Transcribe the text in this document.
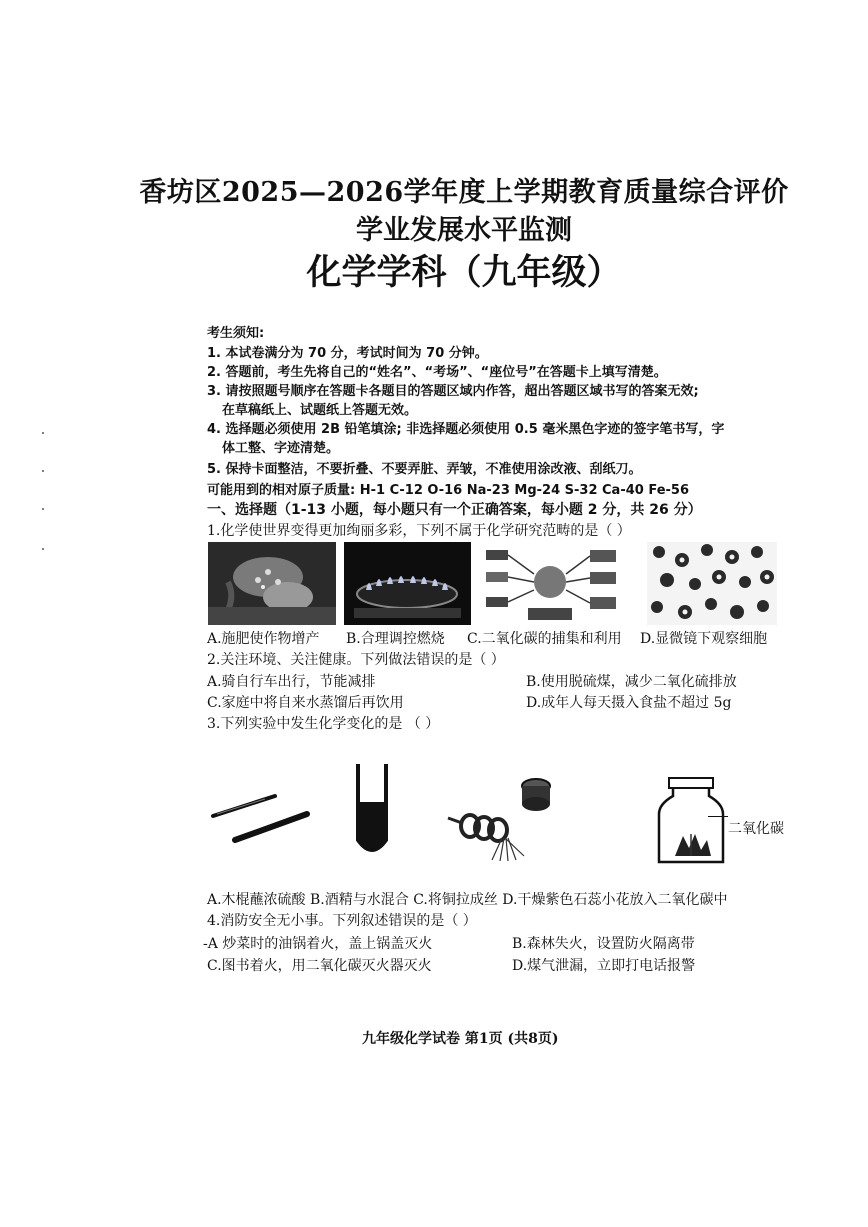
香坊区2025—2026学年度上学期教育质量综合评价
学业发展水平监测
化学学科（九年级）
考生须知:
1. 本试卷满分为 70 分，考试时间为 70 分钟。
2. 答题前，考生先将自己的“姓名”、“考场”、“座位号”在答题卡上填写清楚。
3. 请按照题号顺序在答题卡各题目的答题区域内作答，超出答题区域书写的答案无效;
在草稿纸上、试题纸上答题无效。
4. 选择题必须使用 2B 铅笔填涂; 非选择题必须使用 0.5 毫米黑色字迹的签字笔书写，字
体工整、字迹清楚。
5. 保持卡面整洁，不要折叠、不要弄脏、弄皱，不准使用涂改液、刮纸刀。
可能用到的相对原子质量: H-1 C-12 O-16 Na-23 Mg-24 S-32 Ca-40 Fe-56
一、选择题（1-13 小题，每小题只有一个正确答案，每小题 2 分，共 26 分）
1.化学使世界变得更加绚丽多彩，下列不属于化学研究范畴的是（ ）
A.施肥使作物增产 B.合理调控燃烧 C.二氧化碳的捕集和利用 D.显微镜下观察细胞
2.关注环境、关注健康。下列做法错误的是（ ）
A.骑自行车出行，节能减排	B.使用脱硫煤，减少二氧化硫排放
C.家庭中将自来水蒸馏后再饮用	D.成年人每天摄入食盐不超过 5g
3.下列实验中发生化学变化的是 （ ）
二氧化碳
A.木棍蘸浓硫酸 B.酒精与水混合 C.将铜拉成丝 D.干燥紫色石蕊小花放入二氧化碳中
4.消防安全无小事。下列叙述错误的是（ ）
-A 炒菜时的油锅着火，盖上锅盖灭火	B.森林失火，设置防火隔离带
C.图书着火，用二氧化碳灭火器灭火	D.煤气泄漏，立即打电话报警
九年级化学试卷 第1页 (共8页)
